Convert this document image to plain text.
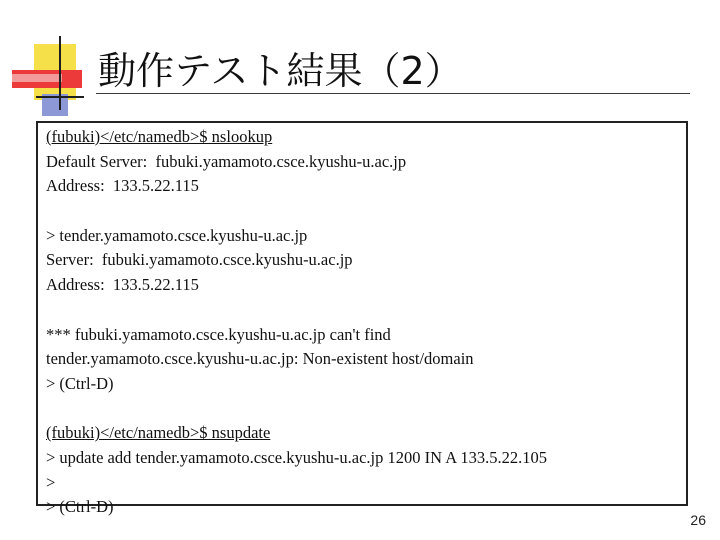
動作テスト結果（2）
(fubuki)</etc/namedb>$ nslookup
Default Server:  fubuki.yamamoto.csce.kyushu-u.ac.jp
Address:  133.5.22.115
> tender.yamamoto.csce.kyushu-u.ac.jp
Server:  fubuki.yamamoto.csce.kyushu-u.ac.jp
Address:  133.5.22.115
*** fubuki.yamamoto.csce.kyushu-u.ac.jp can't find
tender.yamamoto.csce.kyushu-u.ac.jp: Non-existent host/domain
> (Ctrl-D)
(fubuki)</etc/namedb>$ nsupdate
> update add tender.yamamoto.csce.kyushu-u.ac.jp 1200 IN A 133.5.22.105
>
> (Ctrl-D)
26
